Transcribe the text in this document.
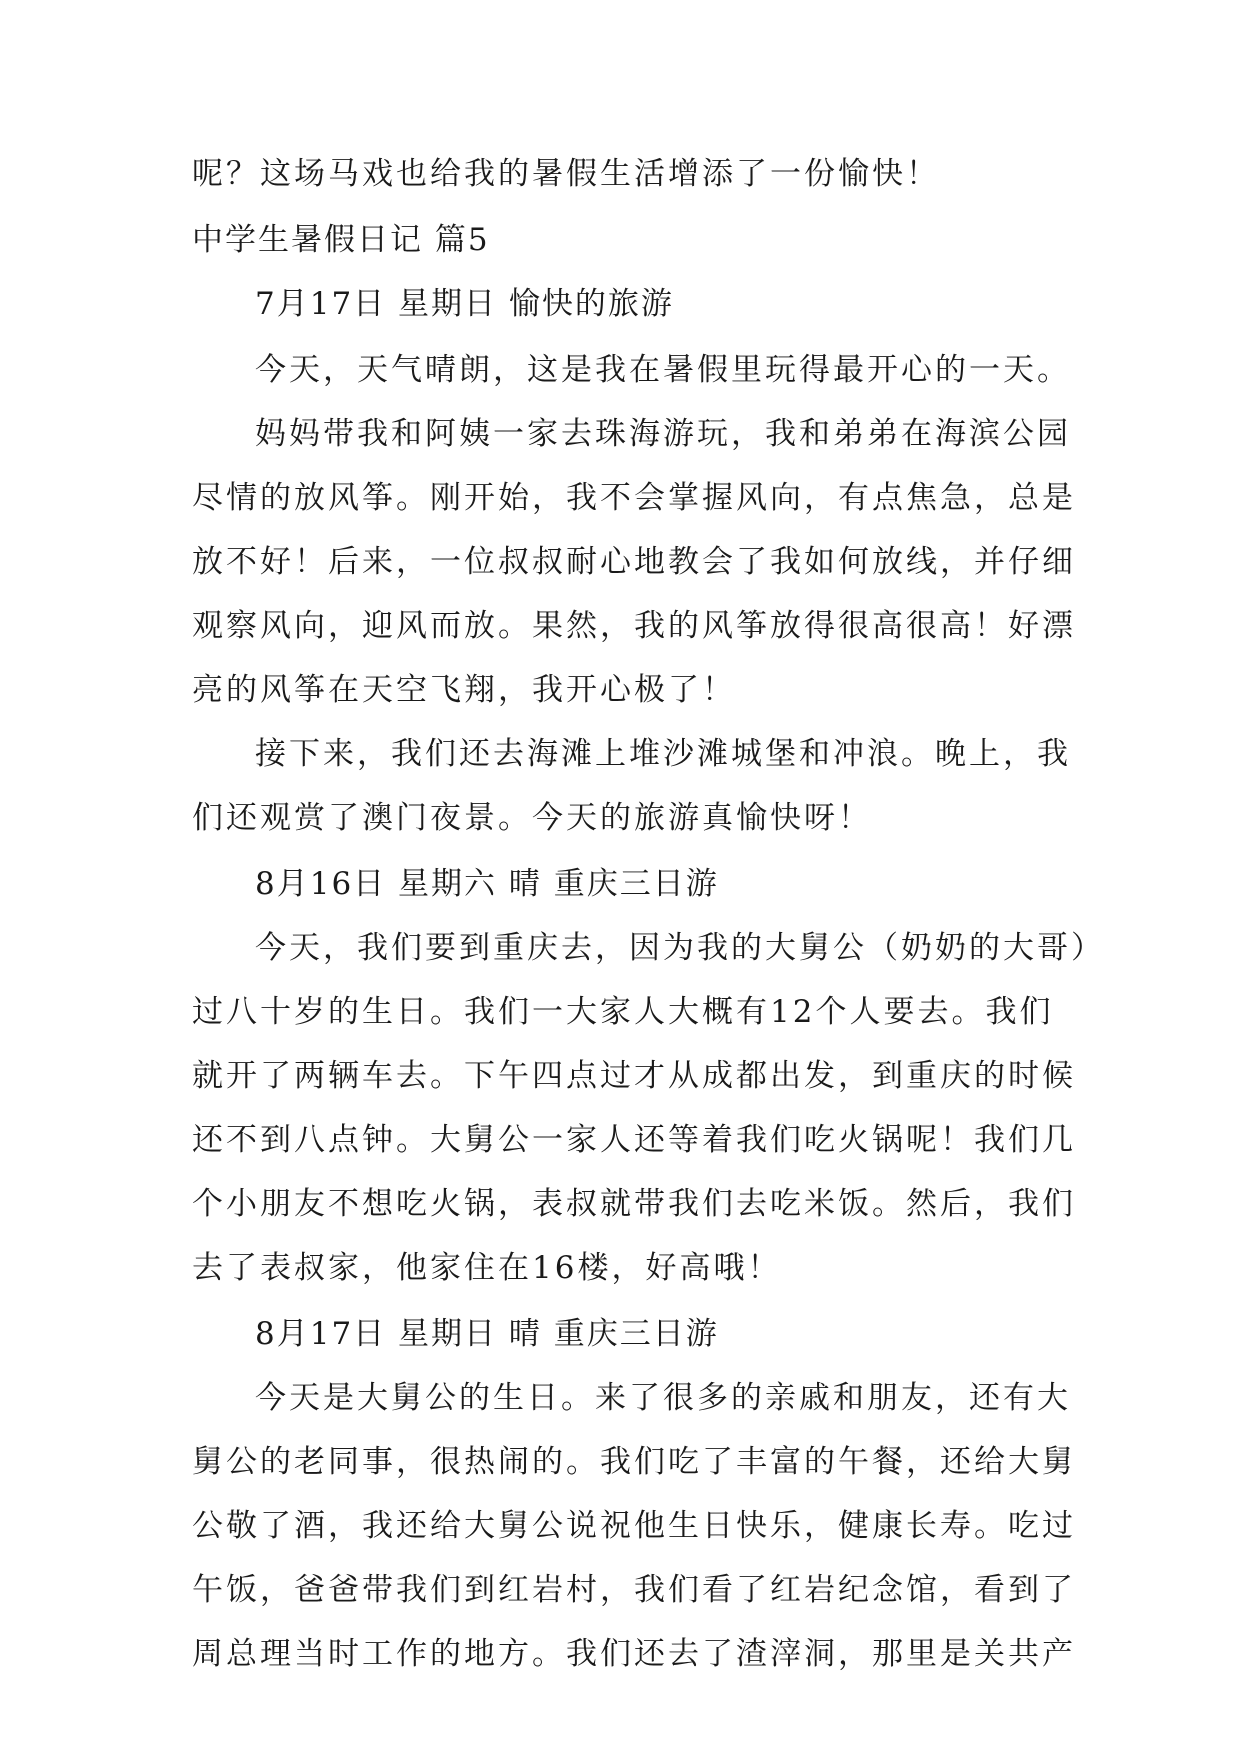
呢？这场马戏也给我的暑假生活增添了一份愉快！
中学生暑假日记 篇5
7月17日 星期日 愉快的旅游
今天，天气晴朗，这是我在暑假里玩得最开心的一天。
妈妈带我和阿姨一家去珠海游玩，我和弟弟在海滨公园
尽情的放风筝。刚开始，我不会掌握风向，有点焦急，总是
放不好！后来，一位叔叔耐心地教会了我如何放线，并仔细
观察风向，迎风而放。果然，我的风筝放得很高很高！好漂
亮的风筝在天空飞翔，我开心极了！
接下来，我们还去海滩上堆沙滩城堡和冲浪。晚上，我
们还观赏了澳门夜景。今天的旅游真愉快呀！
8月16日 星期六 晴 重庆三日游
今天，我们要到重庆去，因为我的大舅公（奶奶的大哥）
过八十岁的生日。我们一大家人大概有12个人要去。我们
就开了两辆车去。下午四点过才从成都出发，到重庆的时候
还不到八点钟。大舅公一家人还等着我们吃火锅呢！我们几
个小朋友不想吃火锅，表叔就带我们去吃米饭。然后，我们
去了表叔家，他家住在16楼，好高哦！
8月17日 星期日 晴 重庆三日游
今天是大舅公的生日。来了很多的亲戚和朋友，还有大
舅公的老同事，很热闹的。我们吃了丰富的午餐，还给大舅
公敬了酒，我还给大舅公说祝他生日快乐，健康长寿。吃过
午饭，爸爸带我们到红岩村，我们看了红岩纪念馆，看到了
周总理当时工作的地方。我们还去了渣滓洞，那里是关共产
